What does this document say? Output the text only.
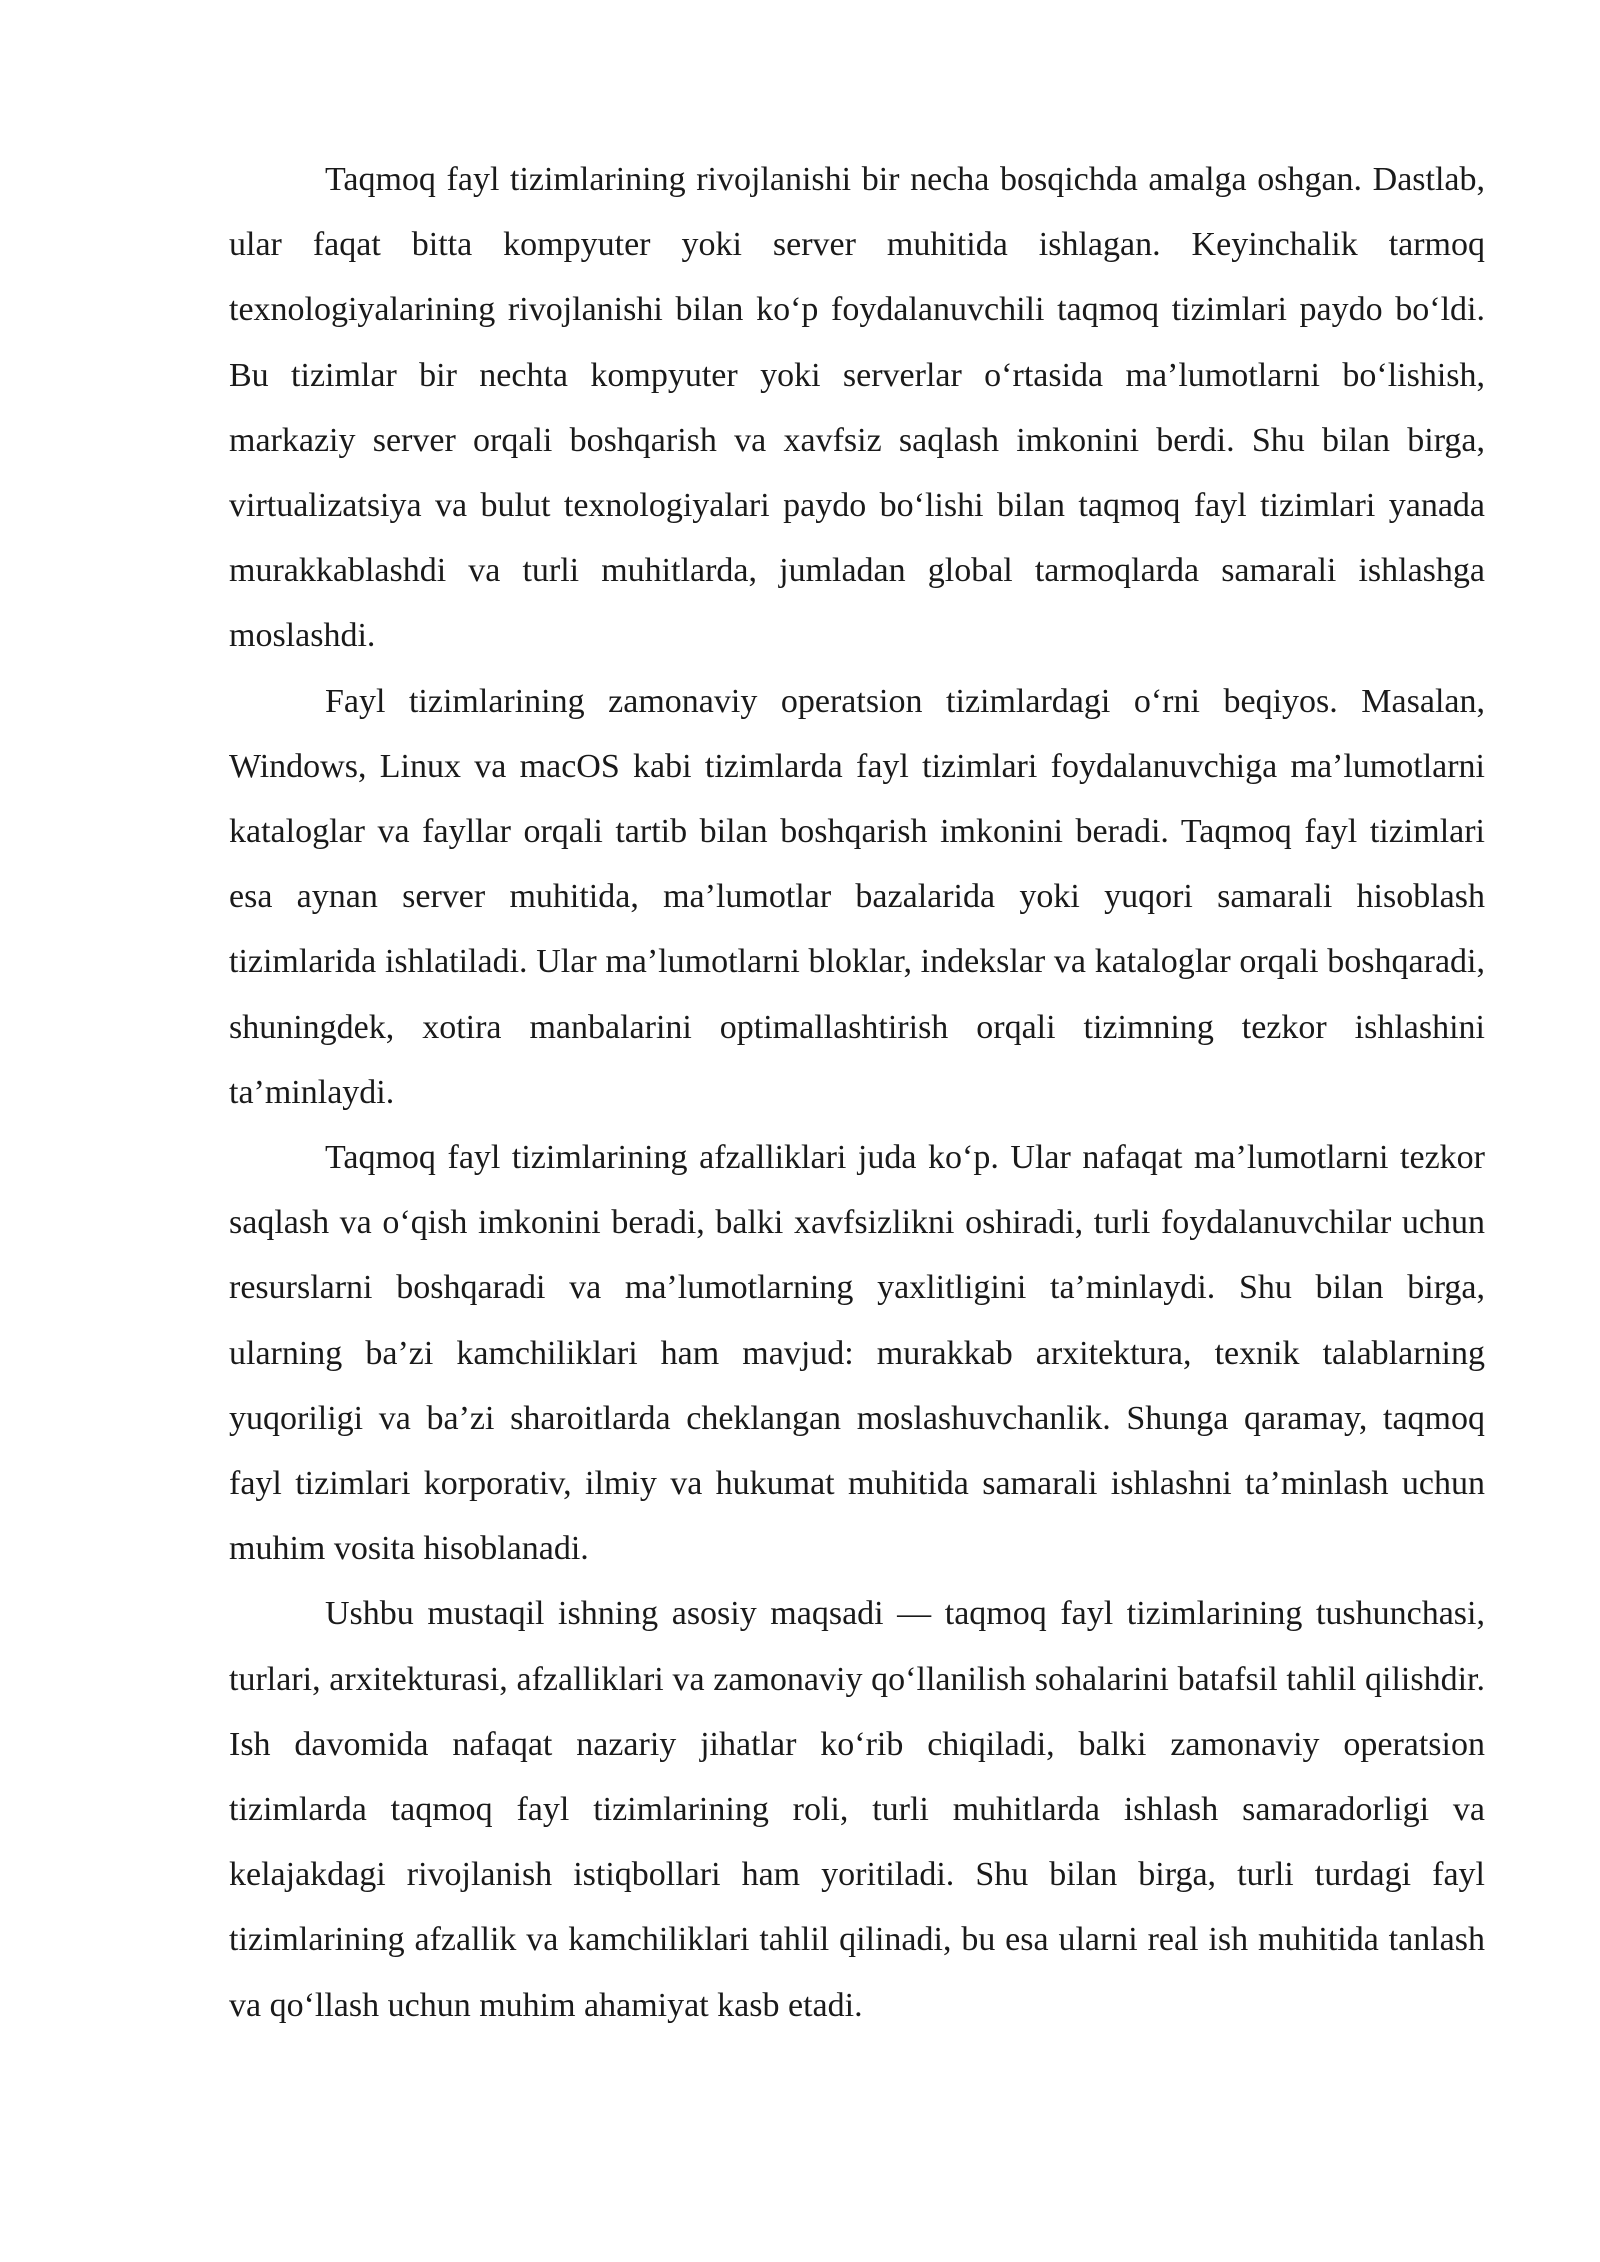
Taqmoq fayl tizimlarining rivojlanishi bir necha bosqichda amalga oshgan. Dastlab, ular faqat bitta kompyuter yoki server muhitida ishlagan. Keyinchalik tarmoq texnologiyalarining rivojlanishi bilan ko‘p foydalanuvchili taqmoq tizimlari paydo bo‘ldi. Bu tizimlar bir nechta kompyuter yoki serverlar o‘rtasida ma’lumotlarni bo‘lishish, markaziy server orqali boshqarish va xavfsiz saqlash imkonini berdi. Shu bilan birga, virtualizatsiya va bulut texnologiyalari paydo bo‘lishi bilan taqmoq fayl tizimlari yanada murakkablashdi va turli muhitlarda, jumladan global tarmoqlarda samarali ishlashga moslashdi.

Fayl tizimlarining zamonaviy operatsion tizimlardagi o‘rni beqiyos. Masalan, Windows, Linux va macOS kabi tizimlarda fayl tizimlari foydalanuvchiga ma’lumotlarni kataloglar va fayllar orqali tartib bilan boshqarish imkonini beradi. Taqmoq fayl tizimlari esa aynan server muhitida, ma’lumotlar bazalarida yoki yuqori samarali hisoblash tizimlarida ishlatiladi. Ular ma’lumotlarni bloklar, indekslar va kataloglar orqali boshqaradi, shuningdek, xotira manbalarini optimallashtirish orqali tizimning tezkor ishlashini ta’minlaydi.

Taqmoq fayl tizimlarining afzalliklari juda ko‘p. Ular nafaqat ma’lumotlarni tezkor saqlash va o‘qish imkonini beradi, balki xavfsizlikni oshiradi, turli foydalanuvchilar uchun resurslarni boshqaradi va ma’lumotlarning yaxlitligini ta’minlaydi. Shu bilan birga, ularning ba’zi kamchiliklari ham mavjud: murakkab arxitektura, texnik talablarning yuqoriligi va ba’zi sharoitlarda cheklangan moslashuvchanlik. Shunga qaramay, taqmoq fayl tizimlari korporativ, ilmiy va hukumat muhitida samarali ishlashni ta’minlash uchun muhim vosita hisoblanadi.

Ushbu mustaqil ishning asosiy maqsadi — taqmoq fayl tizimlarining tushunchasi, turlari, arxitekturasi, afzalliklari va zamonaviy qo‘llanilish sohalarini batafsil tahlil qilishdir. Ish davomida nafaqat nazariy jihatlar ko‘rib chiqiladi, balki zamonaviy operatsion tizimlarda taqmoq fayl tizimlarining roli, turli muhitlarda ishlash samaradorligi va kelajakdagi rivojlanish istiqbollari ham yoritiladi. Shu bilan birga, turli turdagi fayl tizimlarining afzallik va kamchiliklari tahlil qilinadi, bu esa ularni real ish muhitida tanlash va qo‘llash uchun muhim ahamiyat kasb etadi.
